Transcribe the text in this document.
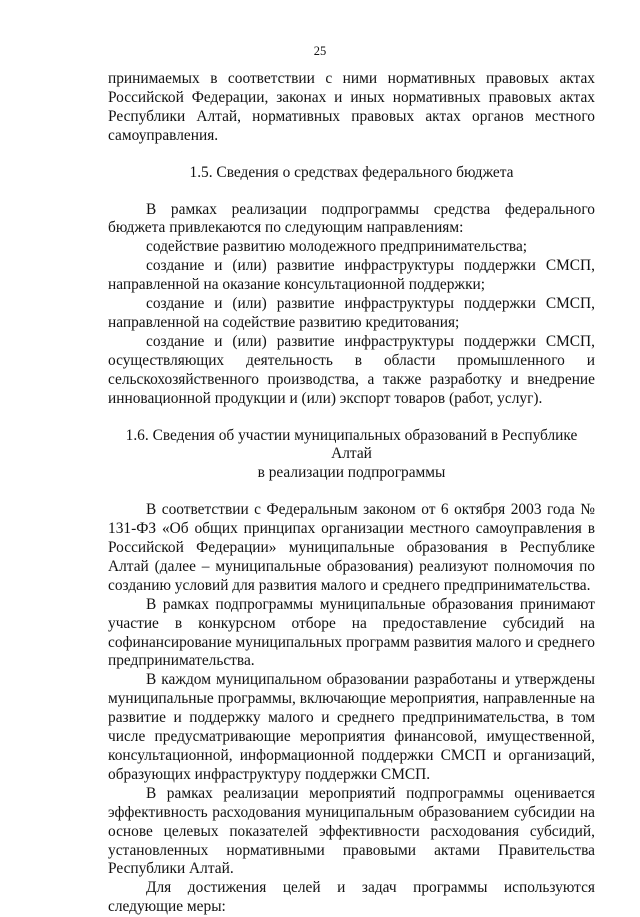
25

принимаемых в соответствии с ними нормативных правовых актах Российской Федерации, законах и иных нормативных правовых актах Республики Алтай, нормативных правовых актах органов местного самоуправления.

1.5. Сведения о средствах федерального бюджета

В рамках реализации подпрограммы средства федерального бюджета привлекаются по следующим направлениям:

содействие развитию молодежного предпринимательства;

создание и (или) развитие инфраструктуры поддержки СМСП, направленной на оказание консультационной поддержки;

создание и (или) развитие инфраструктуры поддержки СМСП, направленной на содействие развитию кредитования;

создание и (или) развитие инфраструктуры поддержки СМСП, осуществляющих деятельность в области промышленного и сельскохозяйственного производства, а также разработку и внедрение инновационной продукции и (или) экспорт товаров (работ, услуг).

1.6. Сведения об участии муниципальных образований в Республике Алтай
в реализации подпрограммы

В соответствии с Федеральным законом от 6 октября 2003 года № 131-ФЗ «Об общих принципах организации местного самоуправления в Российской Федерации» муниципальные образования в Республике Алтай (далее – муниципальные образования) реализуют полномочия по созданию условий для развития малого и среднего предпринимательства.

В рамках подпрограммы муниципальные образования принимают участие в конкурсном отборе на предоставление субсидий на софинансирование муниципальных программ развития малого и среднего предпринимательства.

В каждом муниципальном образовании разработаны и утверждены муниципальные программы, включающие мероприятия, направленные на развитие и поддержку малого и среднего предпринимательства, в том числе предусматривающие мероприятия финансовой, имущественной, консультационной, информационной поддержки СМСП и организаций, образующих инфраструктуру поддержки СМСП.

В рамках реализации мероприятий подпрограммы оценивается эффективность расходования муниципальным образованием субсидии на основе целевых показателей эффективности расходования субсидий, установленных нормативными правовыми актами Правительства Республики Алтай.

Для достижения целей и задач программы используются следующие меры:
